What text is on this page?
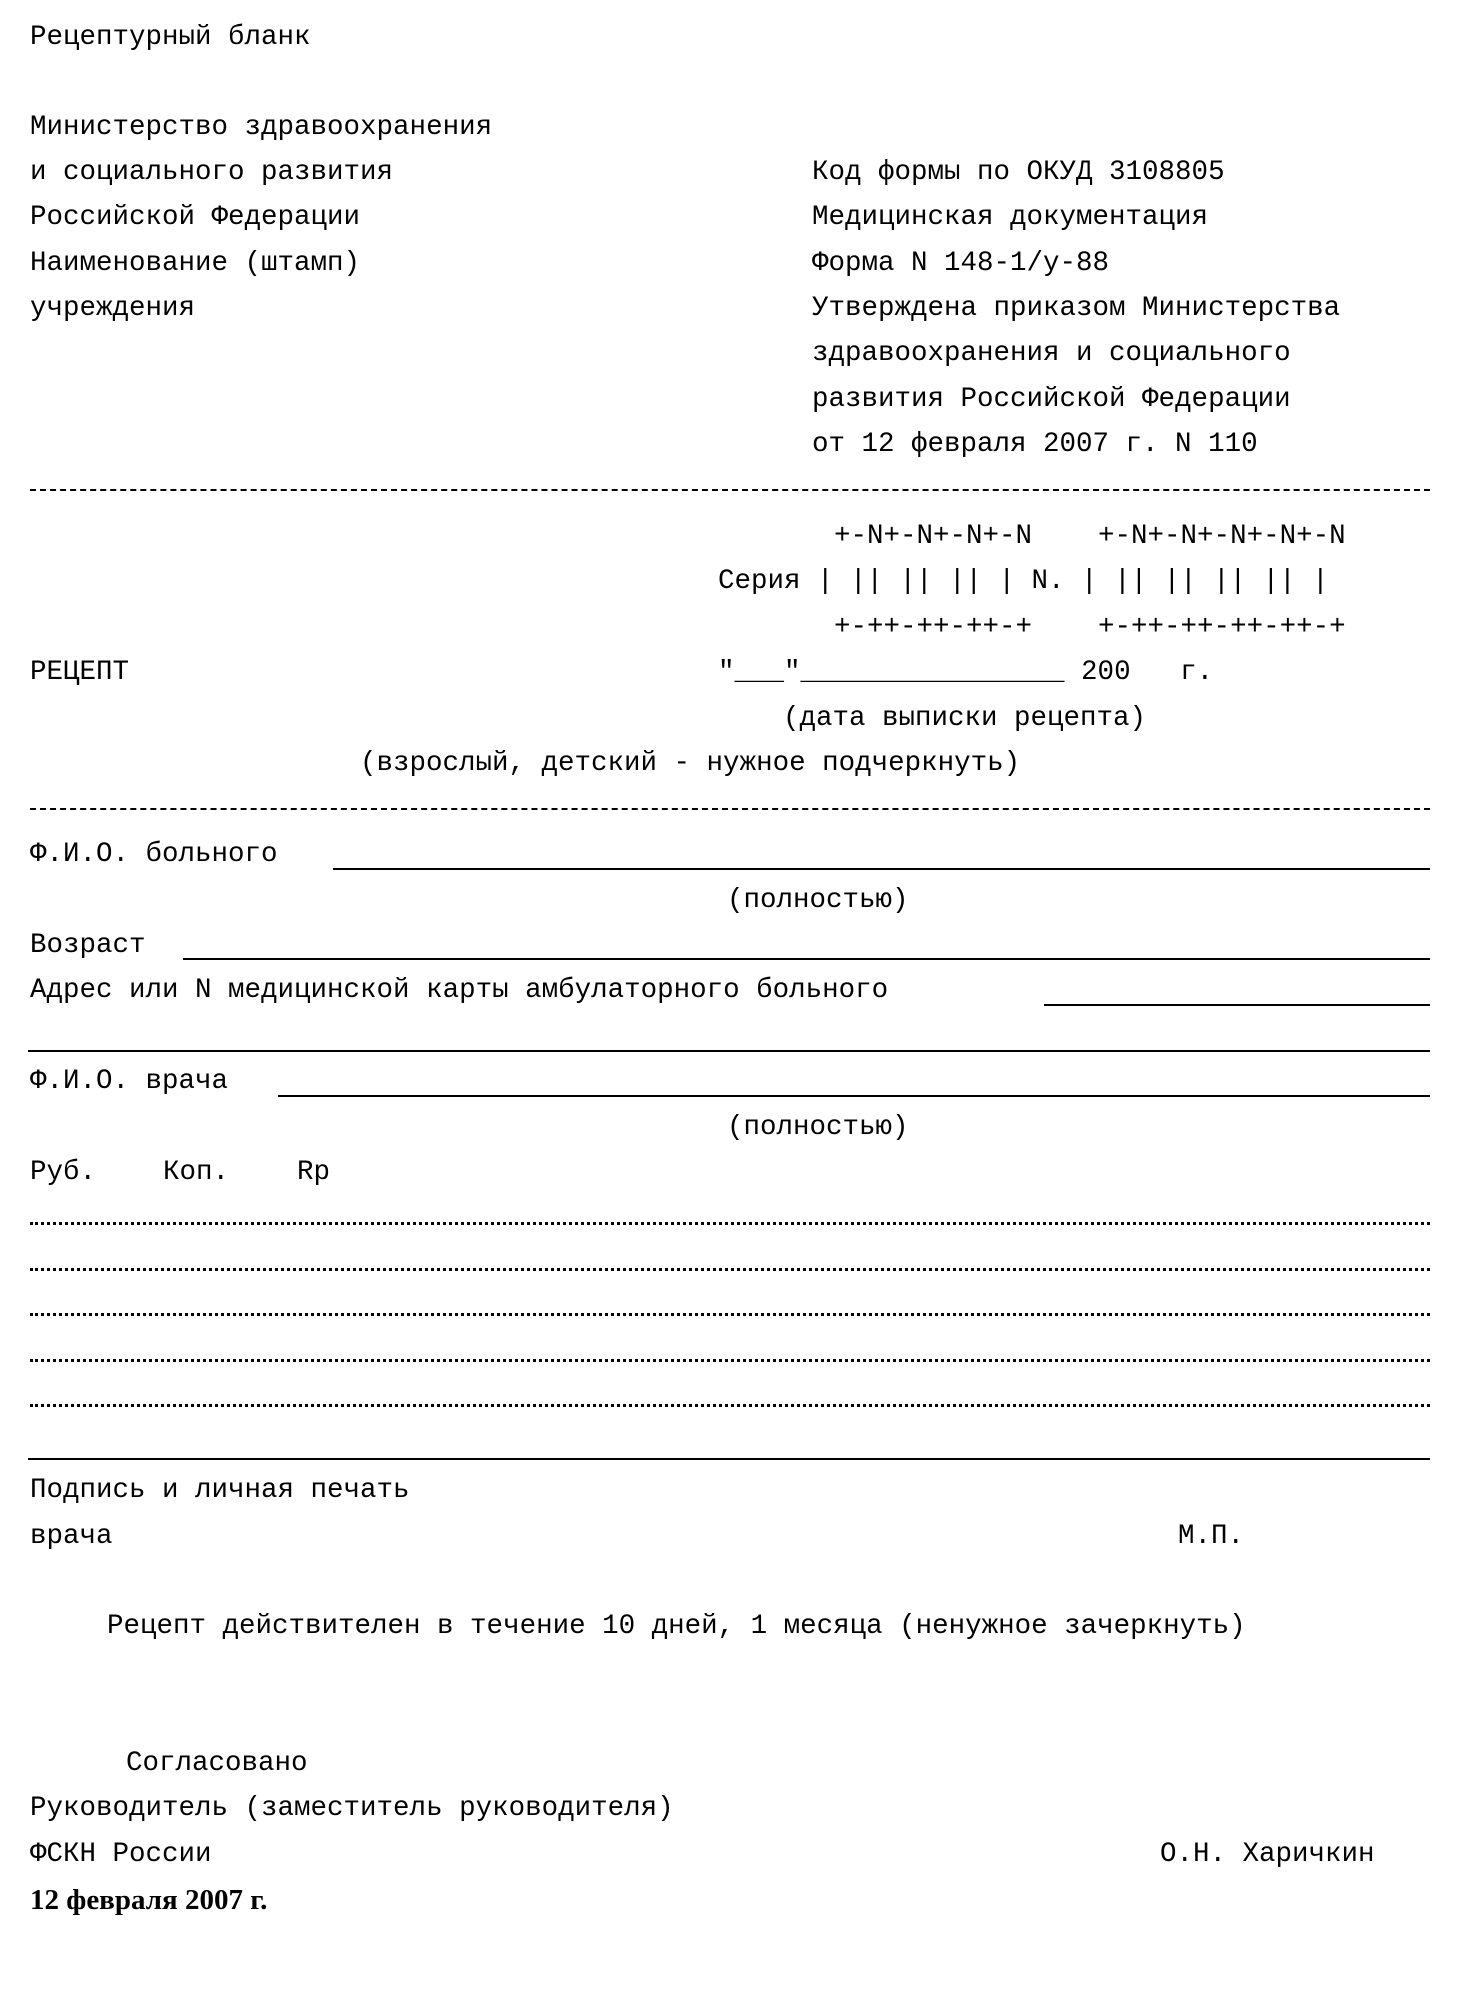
Рецептурный бланк
Министерство здравоохранения
и социального развития
Российской Федерации
Наименование (штамп)
учреждения
Код формы по ОКУД 3108805
Медицинская документация
Форма N 148-1/у-88
Утверждена приказом Министерства
здравоохранения и социального
развития Российской Федерации
от 12 февраля 2007 г. N 110
+-N+-N+-N+-N    +-N+-N+-N+-N+-N
Серия | || || || | N. | || || || || |
+-++-++-++-+    +-++-++-++-++-+
РЕЦЕПТ	"___"________________ 200   г.
(дата выписки рецепта)
(взрослый, детский - нужное подчеркнуть)
Ф.И.О. больного
(полностью)
Возраст
Адрес или N медицинской карты амбулаторного больного
Ф.И.О. врача
(полностью)
Руб. Коп. Rp
Подпись и личная печать
врача	М.П.
Рецепт действителен в течение 10 дней, 1 месяца (ненужное зачеркнуть)
Согласовано
Руководитель (заместитель руководителя)
ФСКН России	О.Н. Харичкин
12 февраля 2007 г.
